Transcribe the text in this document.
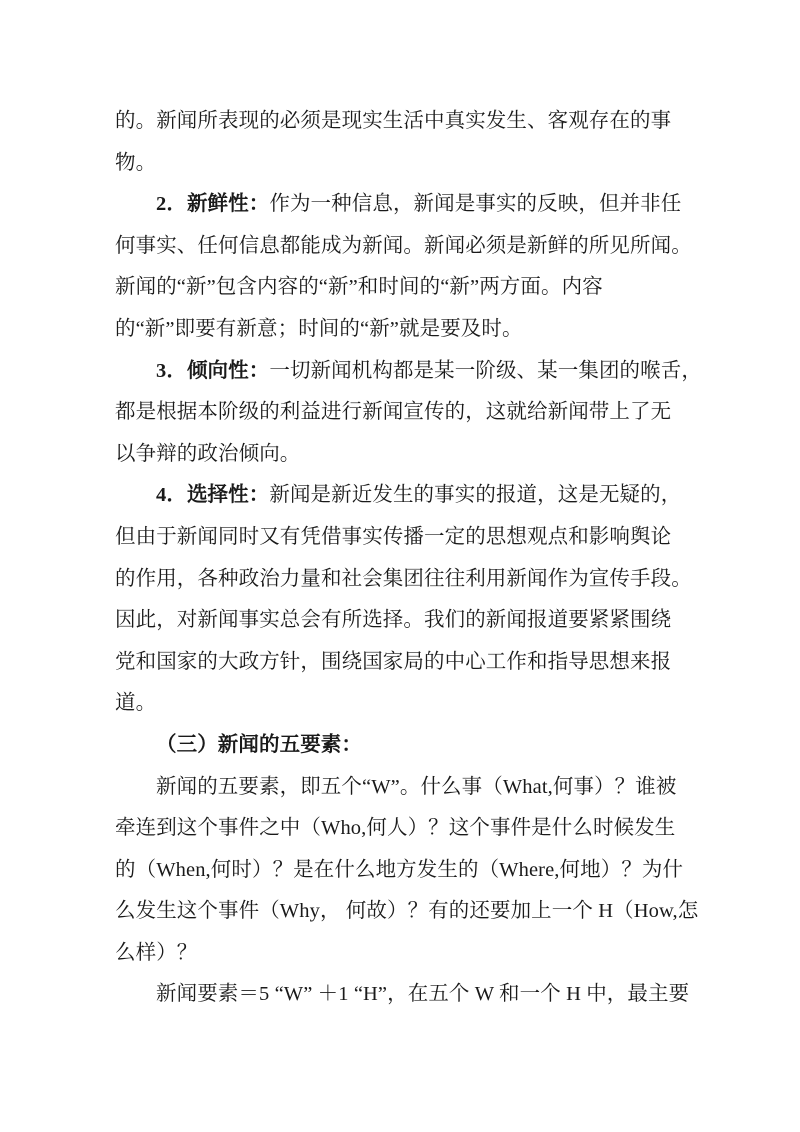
的。新闻所表现的必须是现实生活中真实发生、客观存在的事
物。
2．新鲜性：作为一种信息，新闻是事实的反映，但并非任
何事实、任何信息都能成为新闻。新闻必须是新鲜的所见所闻。
新闻的“新”包含内容的“新”和时间的“新”两方面。内容
的“新”即要有新意；时间的“新”就是要及时。
3．倾向性：一切新闻机构都是某一阶级、某一集团的喉舌，
都是根据本阶级的利益进行新闻宣传的，这就给新闻带上了无
以争辩的政治倾向。
4．选择性：新闻是新近发生的事实的报道，这是无疑的，
但由于新闻同时又有凭借事实传播一定的思想观点和影响舆论
的作用，各种政治力量和社会集团往往利用新闻作为宣传手段。
因此，对新闻事实总会有所选择。我们的新闻报道要紧紧围绕
党和国家的大政方针，围绕国家局的中心工作和指导思想来报
道。
（三）新闻的五要素：
新闻的五要素，即五个“W”。什么事（What,何事）？谁被
牵连到这个事件之中（Who,何人）？这个事件是什么时候发生
的（When,何时）？是在什么地方发生的（Where,何地）？为什
么发生这个事件（Why， 何故）？有的还要加上一个 H（How,怎
么样）？
新闻要素＝5 “W” ＋1 “H”，在五个 W 和一个 H 中，最主要
